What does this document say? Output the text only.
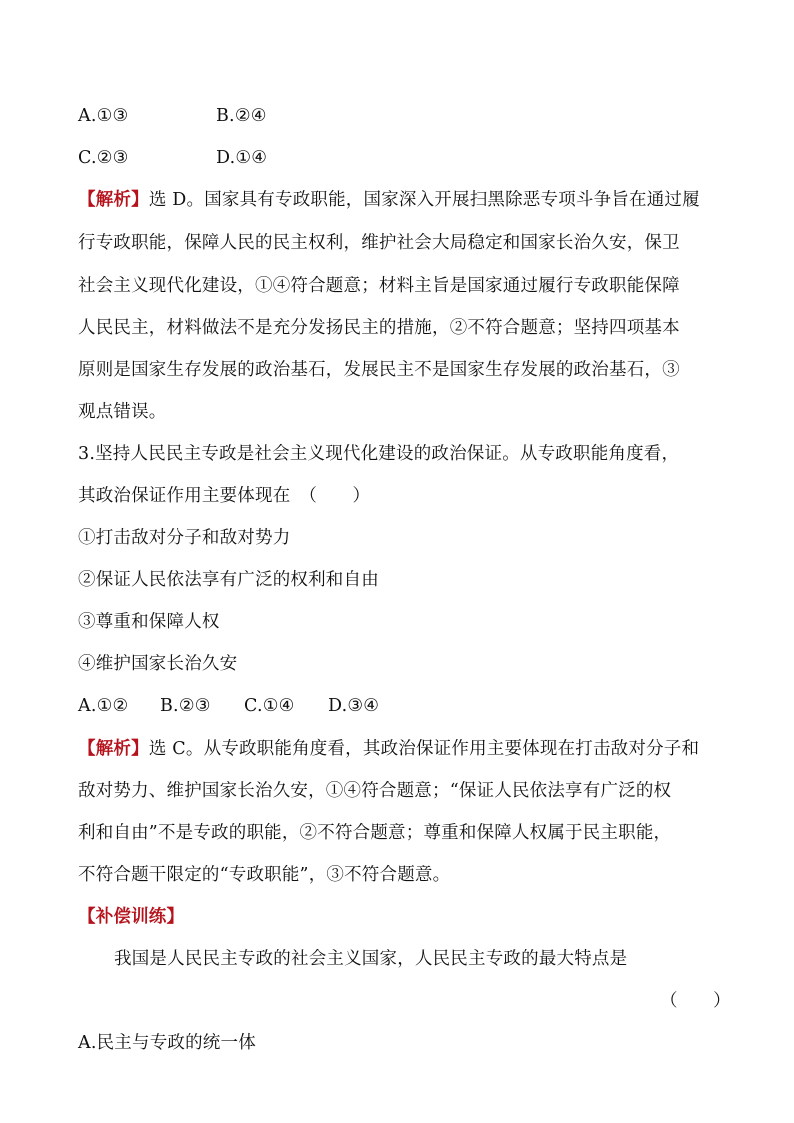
A.①③	B.②④
C.②③	D.①④
【解析】选 D。国家具有专政职能，国家深入开展扫黑除恶专项斗争旨在通过履
行专政职能，保障人民的民主权利，维护社会大局稳定和国家长治久安，保卫
社会主义现代化建设，①④符合题意；材料主旨是国家通过履行专政职能保障
人民民主，材料做法不是充分发扬民主的措施，②不符合题意；坚持四项基本
原则是国家生存发展的政治基石，发展民主不是国家生存发展的政治基石，③
观点错误。
3.坚持人民民主专政是社会主义现代化建设的政治保证。从专政职能角度看，
其政治保证作用主要体现在　（　　）
①打击敌对分子和敌对势力
②保证人民依法享有广泛的权利和自由
③尊重和保障人权
④维护国家长治久安
A.①② B.②③ C.①④ D.③④
【解析】选 C。从专政职能角度看，其政治保证作用主要体现在打击敌对分子和
敌对势力、维护国家长治久安，①④符合题意；“保证人民依法享有广泛的权
利和自由”不是专政的职能，②不符合题意；尊重和保障人权属于民主职能，
不符合题干限定的“专政职能”，③不符合题意。
【补偿训练】
我国是人民民主专政的社会主义国家，人民民主专政的最大特点是
（　　）
A.民主与专政的统一体
